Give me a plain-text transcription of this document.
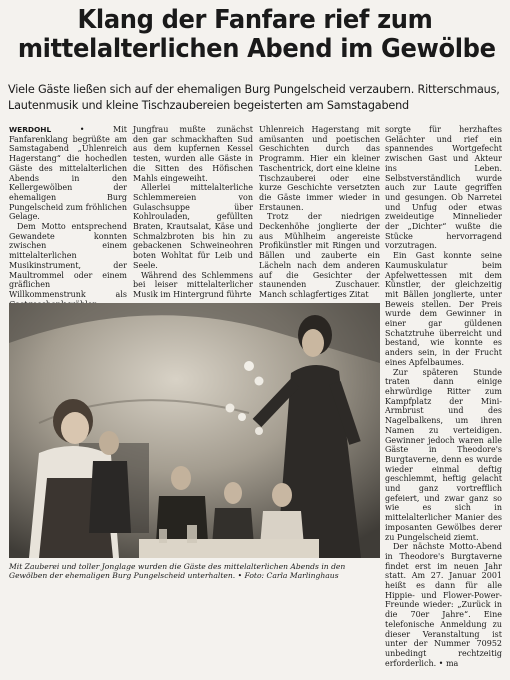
Klang der Fanfare rief zum
mittelalterlichen Abend im Gewölbe
Viele Gäste ließen sich auf der ehemaligen Burg Pungelscheid verzaubern. Ritterschmaus,
Lautenmusik und kleine Tischzaubereien begeisterten am Samstagabend

WERDOHL	• Mit Fanfarenklang begrüßte am Samstagabend „Uhlenreich Hagerstang“ die hochedlen Gäste des mittelalterlichen Abends in den Kellergewölben der ehemaligen Burg Pungelscheid zum fröhlichen Gelage.

Dem Motto entsprechend Gewandete konnten zwischen einem mittelalterlichen Musikinstrument, der Maultrommel oder einem gräflichen Willkommenstrunk als

Jungfrau mußte zunächst den gar schmackhaften Sud aus dem kupfernen Kessel testen, wurden alle Gäste in die Sitten des Höfischen Mahls eingeweiht.

Allerlei mittelalterliche Schlemmereien von Gulaschsuppe über Kohlrouladen, gefüllten Braten, Krautsalat, Käse und Schmalzbroten bis hin zu gebackenen Schweineohren boten Wohltat für Leib und Seele.

Während des Schlemmens bei leiser mittelalterlicher Musik im Hintergrund führte

Uhlenreich Hagerstang mit amüsanten und poetischen Geschichten durch das Programm. Hier ein kleiner Taschentrick, dort eine kleine Tischzauberei oder eine kurze Geschichte versetzten die Gäste immer wieder in Erstaunen.

Trotz der niedrigen Deckenhöhe jonglierte der aus Mühlheim angereiste Profikünstler mit Ringen und Bällen und zauberte ein Lächeln nach dem anderen auf die Gesichter der staunenden Zuschauer. Manch schlagfertiges Zitat

sorgte für herzhaftes Gelächter und rief ein spannendes Wortgefecht zwischen Gast und Akteur ins Leben. Selbstverständlich wurde auch zur Laute gegriffen und gesungen. Ob Narretei und Unfug oder etwas zweideutige Minnelieder der „Dichter“ wußte die Stücke hervorragend vorzutragen.

Ein Gast konnte seine Kaumuskulatur beim Apfelwettessen mit dem Künstler, der gleichzeitig mit Bällen jonglierte, unter Beweis stellen. Der Preis wurde dem Gewinner in einer gar güldenen Schatztruhe überreicht und bestand, wie konnte es anders sein, in der Frucht eines Apfelbaumes.

Zur späteren Stunde traten dann einige ehrwürdige Ritter zum Kampfplatz der Mini-Armbrust und des Nagelbalkens, um ihren Namen zu verteidigen. Gewinner jedoch waren alle Gäste in Theodore's Burgtaverne, denn es wurde wieder einmal deftig geschlemmt, heftig gelacht und ganz vortrefflich gefeiert, und zwar ganz so wie es sich in mittelalterlicher Manier des imposanten Gewölbes derer zu Pungelscheid ziemt.

Der nächste Motto-Abend in Theodore's Burgtaverne findet erst im neuen Jahr statt. Am 27. Januar 2001 heißt es dann für alle Hippie- und Flower-Power-Freunde wieder: „Zurück in die 70er Jahre“. Eine telefonische Anmeldung zu dieser Veranstaltung ist unter der Nummer 70952 unbedingt rechtzeitig erforderlich. • ma

Mit Zauberei und toller Jonglage wurden die Gäste des mittelalterlichen Abends in den Gewölben der ehemaligen Burg Pungelscheid unterhalten. • Foto: Carla Marlinghaus
